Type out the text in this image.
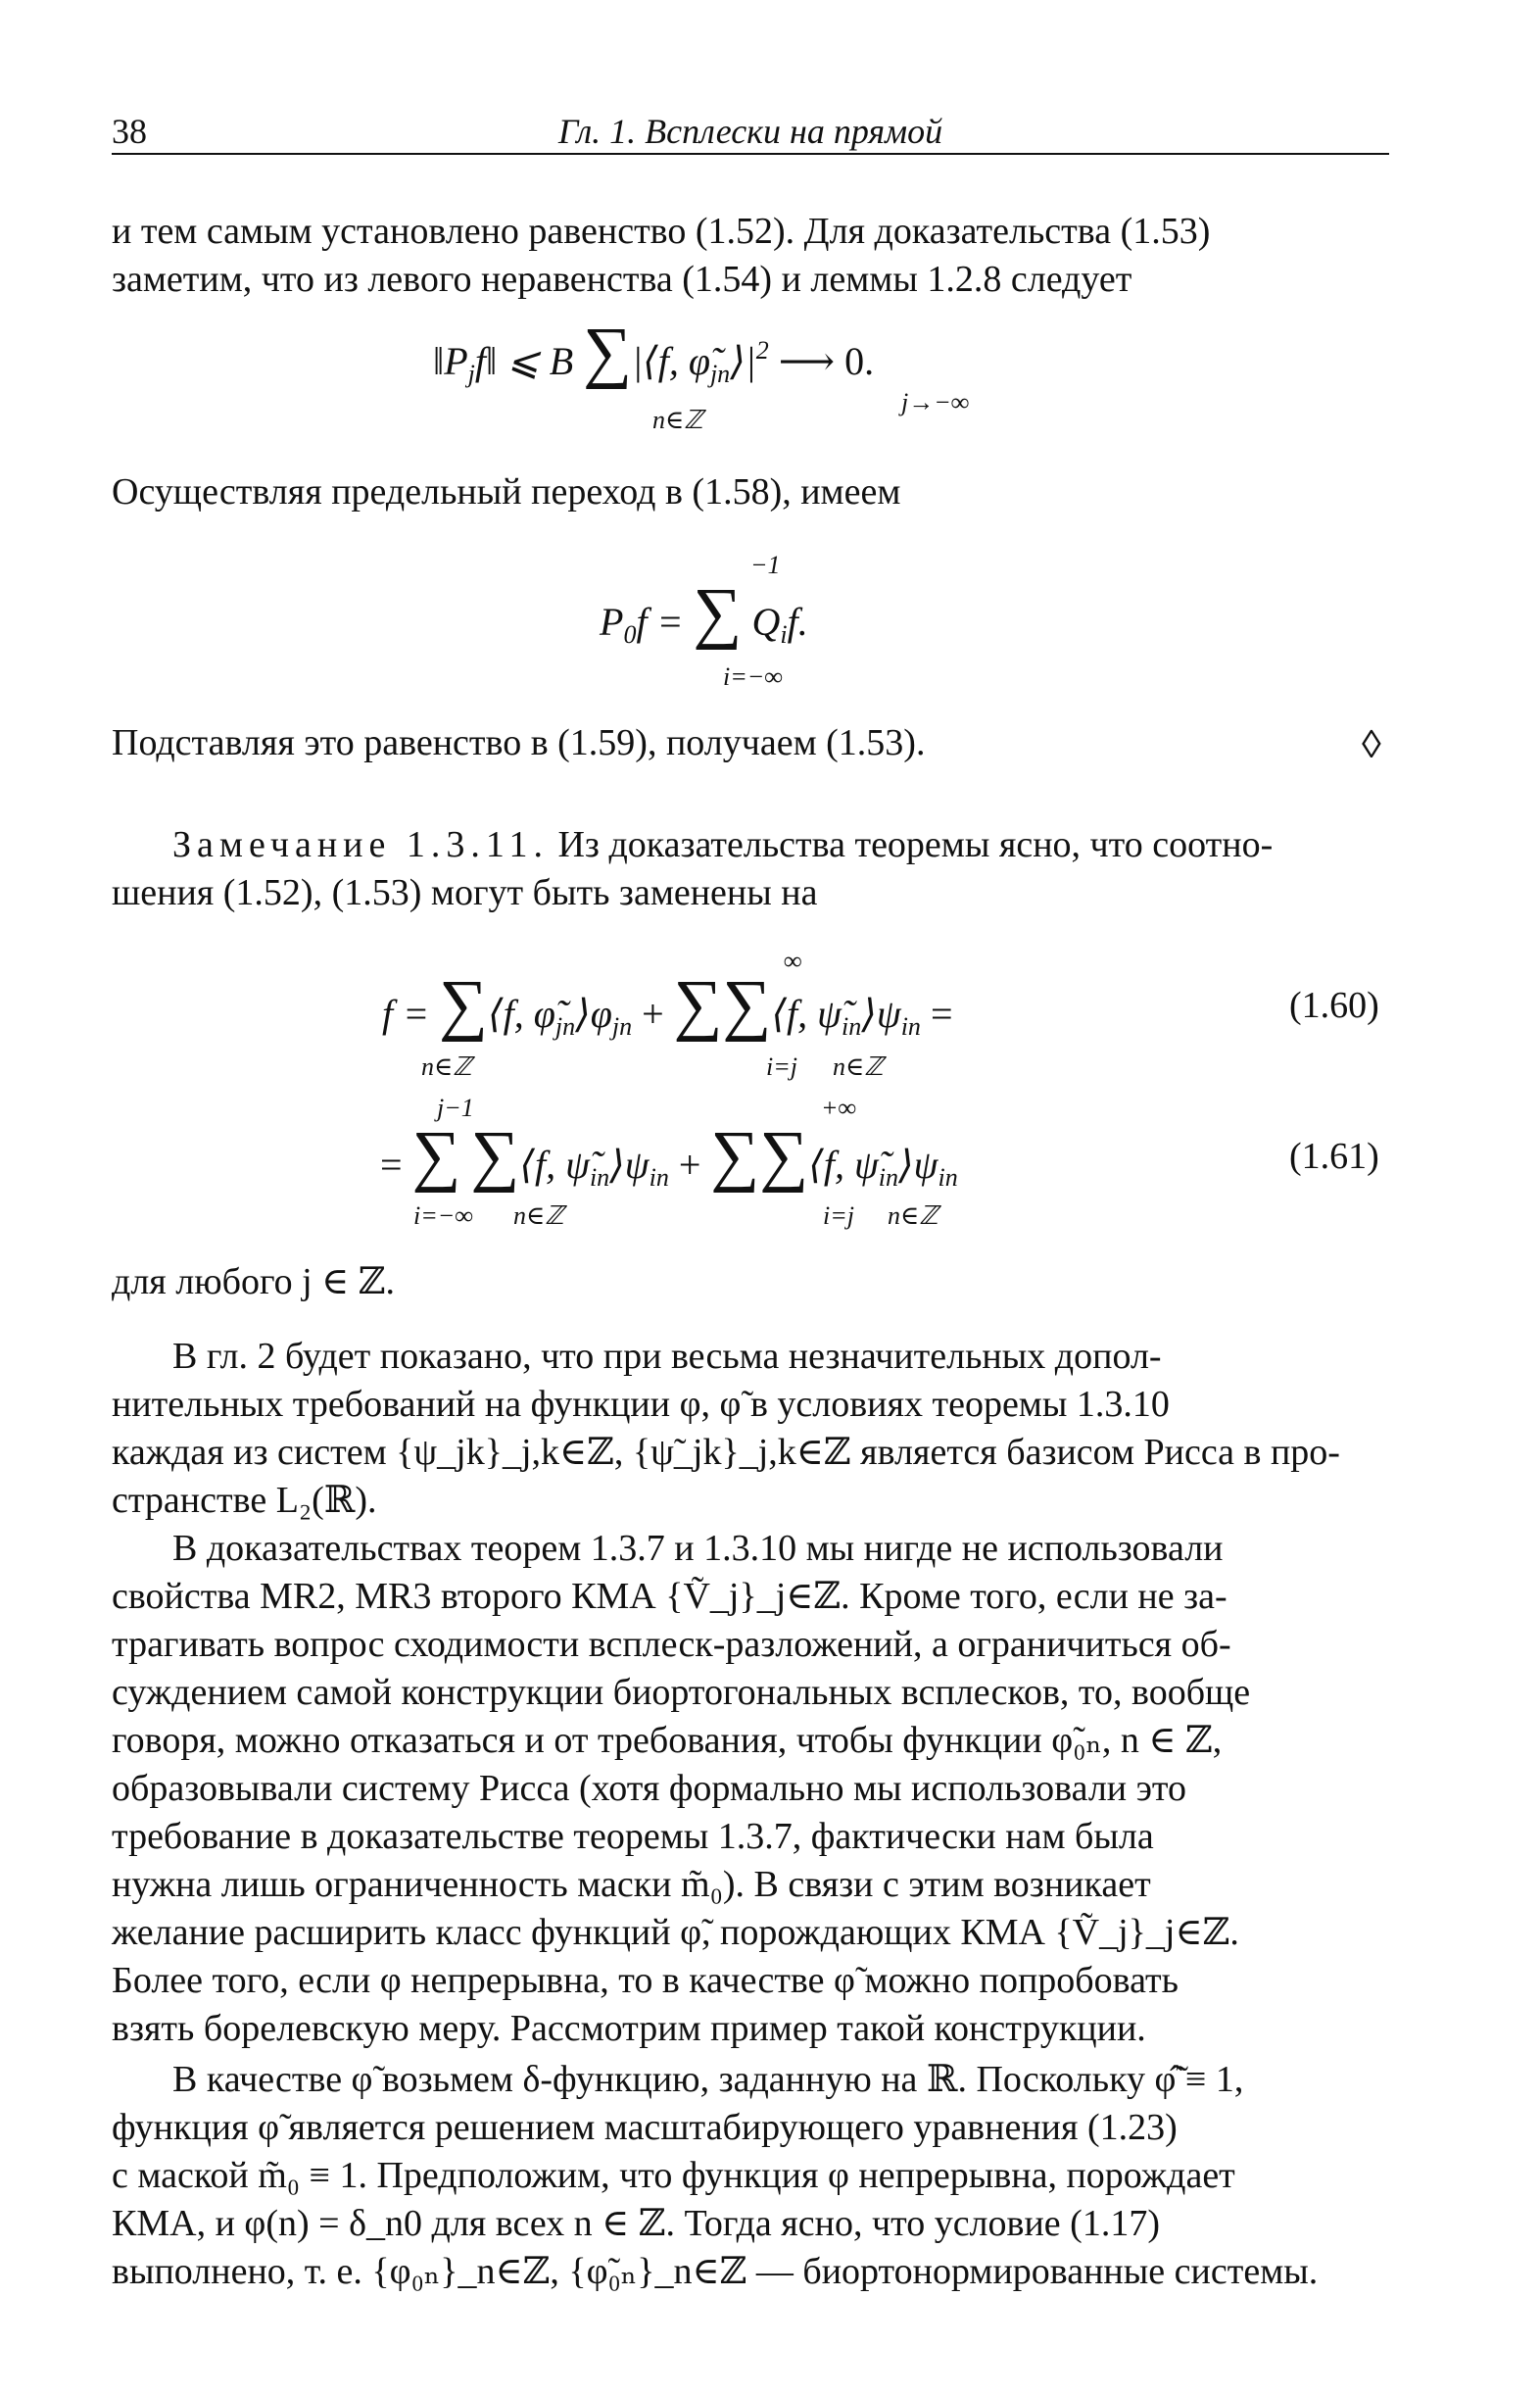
38	Гл. 1. Всплески на прямой
и тем самым установлено равенство (1.52). Для доказательства (1.53)
заметим, что из левого неравенства (1.54) и леммы 1.2.8 следует
$‖P_jf‖$ ⩽ B ∑|⟨f, $\varphĩ_{jn}⟩|^2$ ⟶ 0.
n∈ℤ
j→−∞
Осуществляя предельный переход в (1.58), имеем
−1
$P_0f$ = ∑ $Q_if$.
i=−∞
Подставляя это равенство в (1.59), получаем (1.53).	◊
Замечание 1.3.11. Из доказательства теоремы ясно, что соотно-
шения (1.52), (1.53) могут быть заменены на
∞
f = ∑⟨f, $\varphĩ_{jn}⟩\varphi_{jn}$ + ∑∑⟨f, $\psĩ_{in}⟩\psi_{in}$ =
n∈ℤ	i=j n∈ℤ
(1.60)
j−1	+∞
= ∑ ∑⟨f, $\psĩ_{in}⟩\psi_{in}$ + ∑∑⟨f, $\psĩ_{in}⟩\psi_{in}$
i=−∞ n∈ℤ	i=j n∈ℤ
(1.61)
для любого j ∈ ℤ.
В гл. 2 будет показано, что при весьма незначительных допол-
нительных требований на функции φ, φ̃ в условиях теоремы 1.3.10
каждая из систем {ψ_jk}_j,k∈ℤ, {ψ̃_jk}_j,k∈ℤ является базисом Рисса в про-
странстве L₂(ℝ).
В доказательствах теорем 1.3.7 и 1.3.10 мы нигде не использовали
свойства MR2, MR3 второго КМА {Ṽ_j}_j∈ℤ. Кроме того, если не за-
трагивать вопрос сходимости всплеск-разложений, а ограничиться об-
суждением самой конструкции биортогональных всплесков, то, вообще
говоря, можно отказаться и от требования, чтобы функции φ̃₀ₙ, n ∈ ℤ,
образовывали систему Рисса (хотя формально мы использовали это
требование в доказательстве теоремы 1.3.7, фактически нам была
нужна лишь ограниченность маски m̃₀). В связи с этим возникает
желание расширить класс функций φ̃, порождающих КМА {Ṽ_j}_j∈ℤ.
Более того, если φ непрерывна, то в качестве φ̃ можно попробовать
взять борелевскую меру. Рассмотрим пример такой конструкции.
В качестве φ̃ возьмем δ-функцию, заданную на ℝ. Поскольку φ̃̂ ≡ 1,
функция φ̃ является решением масштабирующего уравнения (1.23)
с маской m̃₀ ≡ 1. Предположим, что функция φ непрерывна, порождает
КМА, и φ(n) = δ_n0 для всех n ∈ ℤ. Тогда ясно, что условие (1.17)
выполнено, т. е. {φ₀ₙ}_n∈ℤ, {φ̃₀ₙ}_n∈ℤ — биортонормированные системы.
